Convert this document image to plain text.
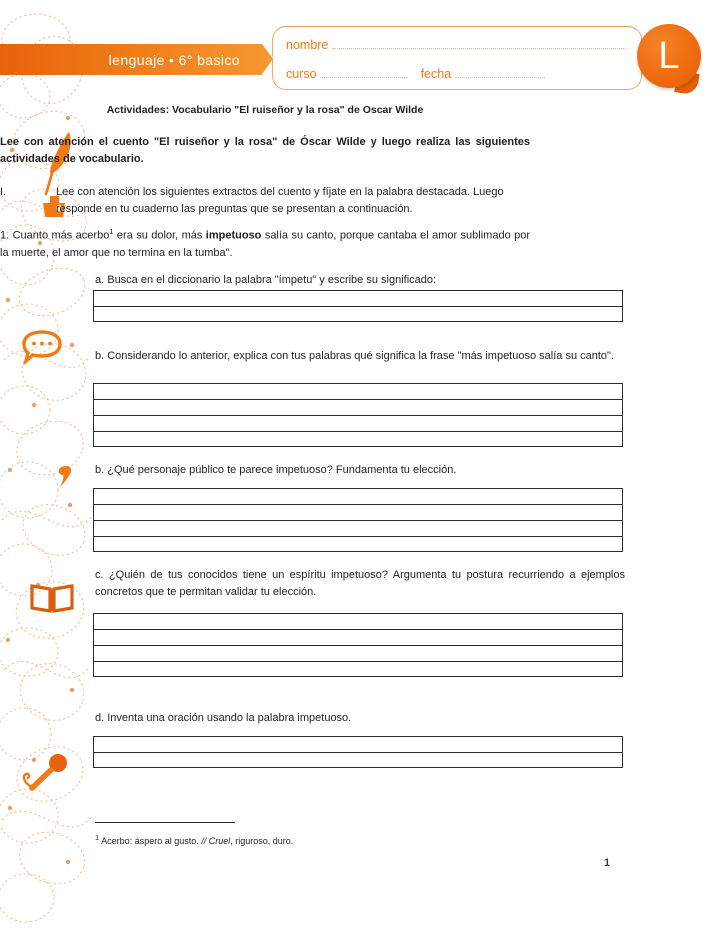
lenguaje • 6° basico
nombre
curso	fecha	L
Actividades: Vocabulario "El ruiseñor y la rosa" de Oscar Wilde
Lee con atención el cuento "El ruiseñor y la rosa" de Óscar Wilde y luego realiza las siguientes actividades de vocabulario.
I.	Lee con atención los siguientes extractos del cuento y fíjate en la palabra destacada. Luego responde en tu cuaderno las preguntas que se presentan a continuación.
1. Cuanto más acerbo$^1$ era su dolor, más impetuoso salía su canto, porque cantaba el amor sublimado por la muerte, el amor que no termina en la tumba".
a. Busca en el diccionario la palabra "ímpetu" y escribe su significado:
b. Considerando lo anterior, explica con tus palabras qué significa la frase "más impetuoso salía su canto".
b. ¿Qué personaje público te parece impetuoso? Fundamenta tu elección.
c. ¿Quién de tus conocidos tiene un espíritu impetuoso? Argumenta tu postura recurriendo a ejemplos concretos que te permitan validar tu elección.
d. Inventa una oración usando la palabra impetuoso.
$^1$ Acerbo: áspero al gusto. // Cruel, riguroso, duro.
1
